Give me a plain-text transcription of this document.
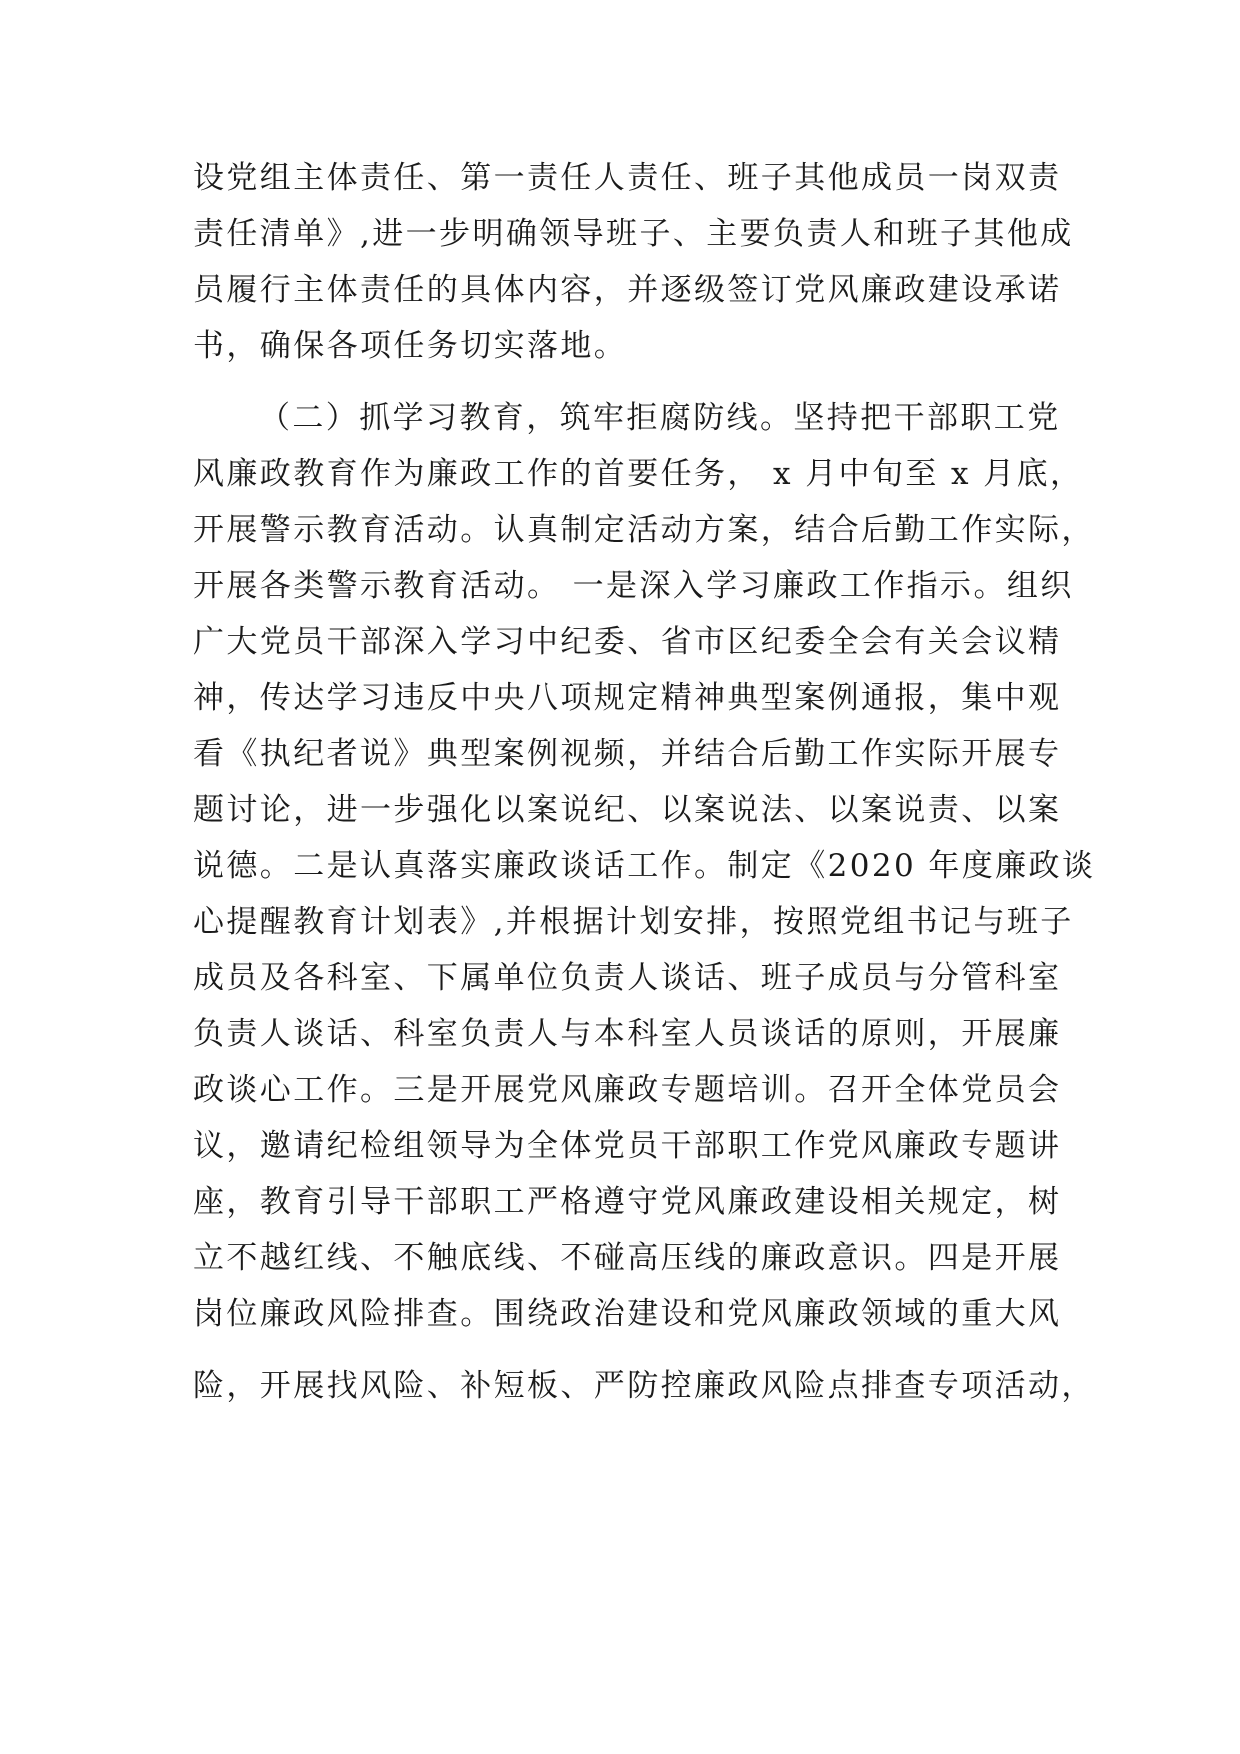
设党组主体责任、第一责任人责任、班子其他成员一岗双责
责任清单》,进一步明确领导班子、主要负责人和班子其他成
员履行主体责任的具体内容，并逐级签订党风廉政建设承诺
书，确保各项任务切实落地。
（二）抓学习教育，筑牢拒腐防线。坚持把干部职工党
风廉政教育作为廉政工作的首要任务， x 月中旬至 x 月底，
开展警示教育活动。认真制定活动方案，结合后勤工作实际，
开展各类警示教育活动。 一是深入学习廉政工作指示。组织
广大党员干部深入学习中纪委、省市区纪委全会有关会议精
神，传达学习违反中央八项规定精神典型案例通报，集中观
看《执纪者说》典型案例视频，并结合后勤工作实际开展专
题讨论，进一步强化以案说纪、以案说法、以案说责、以案
说德。二是认真落实廉政谈话工作。制定《2020 年度廉政谈
心提醒教育计划表》,并根据计划安排，按照党组书记与班子
成员及各科室、下属单位负责人谈话、班子成员与分管科室
负责人谈话、科室负责人与本科室人员谈话的原则，开展廉
政谈心工作。三是开展党风廉政专题培训。召开全体党员会
议，邀请纪检组领导为全体党员干部职工作党风廉政专题讲
座，教育引导干部职工严格遵守党风廉政建设相关规定，树
立不越红线、不触底线、不碰高压线的廉政意识。四是开展
岗位廉政风险排查。围绕政治建设和党风廉政领域的重大风
险，开展找风险、补短板、严防控廉政风险点排查专项活动，
